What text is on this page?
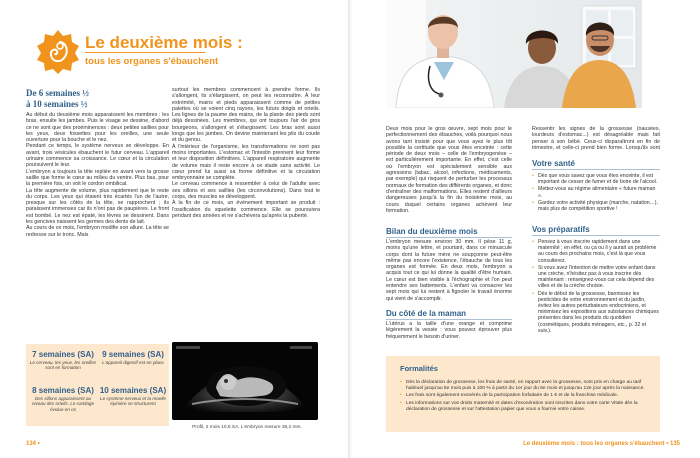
Le deuxième mois :
tous les organes s'ébauchent
De 6 semaines ½
à 10 semaines ½

Au début du deuxième mois apparaissent les membres : les bras, ensuite les jambes. Puis le visage se dessine, d'abord ce ne sont que des proéminences : deux petites saillies pour les yeux, deux fossettes pour les oreilles, une seule ouverture pour la bouche et le nez.

Pendant ce temps, le système nerveux se développe. En avant, trois vésicules ébauchent le futur cerveau. L'appareil urinaire commence sa croissance. Le cœur et la circulation poursuivent le leur.

L'embryon a toujours la tête repliée en avant vers la grosse saillie que forme le cœur au milieu du ventre. Plus bas, pour la première fois, on voit le cordon ombilical.

La tête augmente de volume, plus rapidement que le reste du corps. Les yeux qui étaient très écartés l'un de l'autre, presque sur les côtés de la tête, se rapprochent ; ils paraissent immenses car ils n'ont pas de paupières. Le front est bombé. Le nez est épaté, les lèvres se dessinent. Dans les gencives naissent les germes des dents de lait.

Au cours de ce mois, l'embryon modifie son allure. La tête se redresse sur le tronc. Mais

surtout les membres commencent à prendre forme. Ils s'allongent, ils s'élargissent, on peut les reconnaître. À leur extrémité, mains et pieds apparaissent comme de petites palettes où se voient cinq rayons, les futurs doigts et orteils. Les lignes de la paume des mains, de la plante des pieds sont déjà dessinées. Les membres, qui ont toujours l'air de gros bourgeons, s'allongent et s'élargissent. Les bras sont aussi longs que les jambes. On devine maintenant les plis du coude et du genou.

À l'intérieur de l'organisme, les transformations ne sont pas moins importantes. L'estomac et l'intestin prennent leur forme et leur disposition définitives. L'appareil respiratoire augmente de volume mais il reste encore à ce stade sans activité. Le cœur prend lui aussi sa forme définitive et la circulation embryonnaire se complète.

Le cerveau commence à ressembler à celui de l'adulte avec ses sillons et ses saillies (les circonvolutions). Dans tout le corps, des muscles se développent.

À la fin de ce mois, un événement important se produit : l'ossification du squelette commence. Elle se poursuivra pendant des années et ne s'achèvera qu'après la puberté.

7 semaines (SA)
Le cerveau, les yeux, les oreilles sont en formation
9 semaines (SA)
L'appareil digestif est en place
8 semaines (SA)
Des sillons apparaissent au niveau des orteils. Le cartilage évolue en os
10 semaines (SA)
Le système nerveux et la moelle épinière se structurent
Profil, 2 mois 10,5 SA. L'embryon mesure 38,2 mm.
134 •
Deux mois pour le gros œuvre, sept mois pour le perfectionnement des ébauches, voilà pourquoi nous avons tant insisté pour que vous ayez le plus tôt possible la certitude que vous êtes enceinte : cette période de deux mois – celle de l'embryogenèse – est particulièrement importante. En effet, c'est celle où l'embryon est spécialement sensible aux agressions (tabac, alcool, infections, médicaments, par exemple) qui risquent de perturber les processus normaux de formation des différents organes, et donc d'entraîner des malformations. Elles restent d'ailleurs dangereuses jusqu'à la fin du troisième mois, au cours duquel certains organes achèvent leur formation.
Bilan du deuxième mois
L'embryon mesure environ 30 mm. Il pèse 11 g, moins qu'une lettre, et pourtant, dans ce minuscule corps dont la future mère ne soupçonne peut-être même pas encore l'existence, l'ébauche de tous les organes est formée. En deux mois, l'embryon a acquis tout ce qui lui donne la qualité d'être humain. Le cœur est bien visible à l'échographie et l'on peut entendre ses battements. L'enfant va consacrer les sept mois qui lui restent à fignoler le travail énorme qui vient de s'accomplir.
Du côté de la maman
L'utérus a la taille d'une orange et comprime légèrement la vessie : vous pouvez éprouver plus fréquemment le besoin d'uriner.
Ressentir les signes de la grossesse (nausées, lourdeurs d'estomac...) est désagréable mais fait penser à son bébé. Ceux-ci disparaîtront en fin de trimestre, et celle-ci prend bien forme. Lorsqu'ils sont
Votre santé
• Dès que vous savez que vous êtes enceinte, il est important de cesser de fumer et de boire de l'alcool.
• Mettez-vous au régime alimentaire « future maman ».
• Gardez votre activité physique (marche, natation…), mais plus de compétition sportive !
Vos préparatifs
• Pensez à vous inscrire rapidement dans une maternité ; en effet, ou ça ou il y aurait un problème au cours des prochains mois, c'est là que vous consulterez.
• Si vous avez l'intention de mettre votre enfant dans une crèche, n'hésitez pas à vous inscrire dès maintenant : renseignez-vous car cela dépend des villes et de la crèche choisie.
• Dès le début de la grossesse, bannissez les pesticides de votre environnement et du jardin, évitez les autres perturbateurs endocriniens, et minimisez les expositions aux substances chimiques présentes dans les produits du quotidien (cosmétiques, produits ménagers, etc., p. 32 et suiv.).
Formalités
• Dès la déclaration de grossesse, les frais de santé, en rapport avec la grossesse, sont pris en charge au tarif habituel jusqu'au 5e mois puis à 100 % à partir du 1er jour du 6e mois et jusqu'au 12e jour après la naissance.
• Les frais sont également exonérés de la participation forfaitaire de 1 € et de la franchise médicale.
• Les informations sur vos droits maternité et dates d'exonération sont inscrites dans votre carte Vitale dès la déclaration de grossesse et sur l'attestation papier que vous a fournie votre caisse.
Le deuxième mois : tous les organes s'ébauchent • 135
